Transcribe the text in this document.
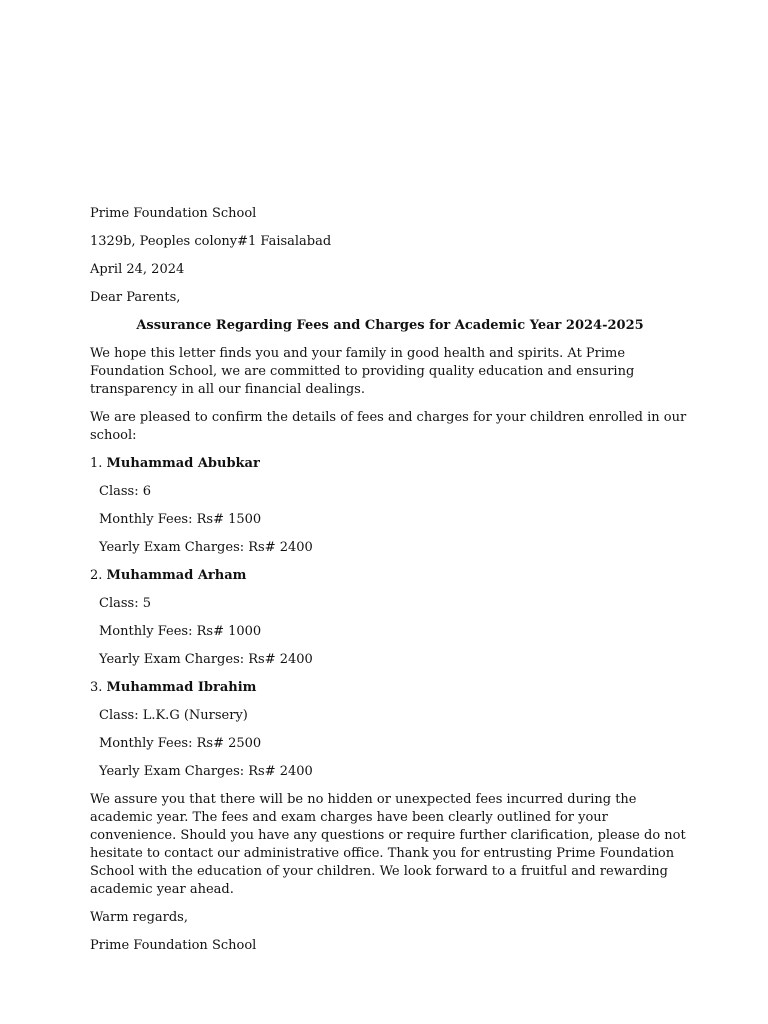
Prime Foundation School

1329b, Peoples colony#1 Faisalabad

April 24, 2024

Dear Parents,

Assurance Regarding Fees and Charges for Academic Year 2024-2025

We hope this letter finds you and your family in good health and spirits. At Prime Foundation School, we are committed to providing quality education and ensuring transparency in all our financial dealings.

We are pleased to confirm the details of fees and charges for your children enrolled in our school:

1. Muhammad Abubkar

Class: 6

Monthly Fees: Rs# 1500

Yearly Exam Charges: Rs# 2400

2. Muhammad Arham

Class: 5

Monthly Fees: Rs# 1000

Yearly Exam Charges: Rs# 2400

3. Muhammad Ibrahim

Class: L.K.G (Nursery)

Monthly Fees: Rs# 2500

Yearly Exam Charges: Rs# 2400

We assure you that there will be no hidden or unexpected fees incurred during the academic year. The fees and exam charges have been clearly outlined for your convenience. Should you have any questions or require further clarification, please do not hesitate to contact our administrative office. Thank you for entrusting Prime Foundation School with the education of your children. We look forward to a fruitful and rewarding academic year ahead.

Warm regards,

Prime Foundation School
